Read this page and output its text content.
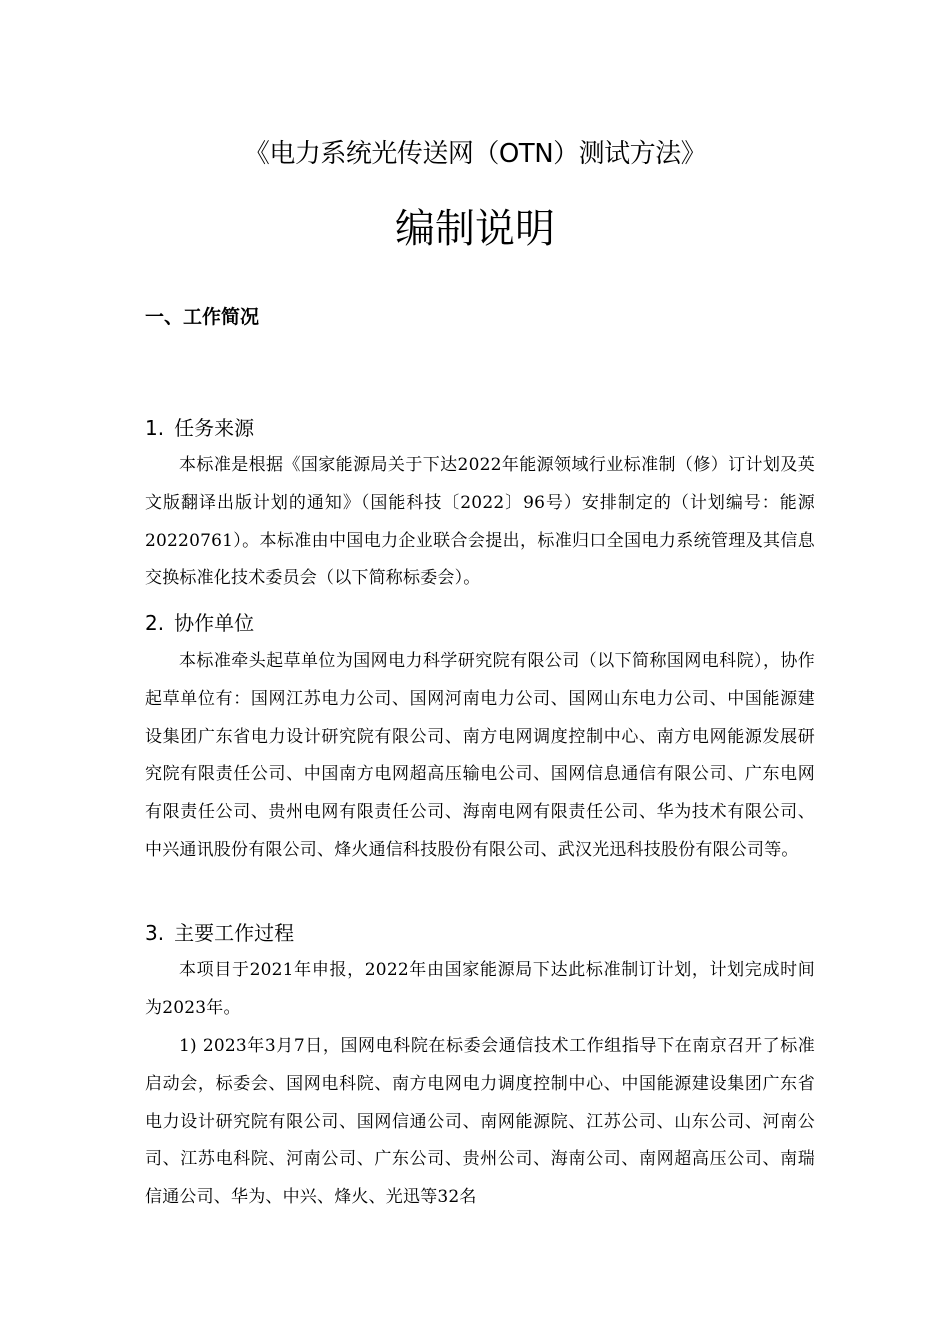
《电力系统光传送网（OTN）测试方法》
编制说明
一、工作简况
1. 任务来源

本标准是根据《国家能源局关于下达2022年能源领域行业标准制（修）订计划及英文版翻译出版计划的通知》（国能科技〔2022〕96号）安排制定的（计划编号：能源20220761）。本标准由中国电力企业联合会提出，标准归口全国电力系统管理及其信息交换标准化技术委员会（以下简称标委会）。

2. 协作单位

本标准牵头起草单位为国网电力科学研究院有限公司（以下简称国网电科院），协作起草单位有：国网江苏电力公司、国网河南电力公司、国网山东电力公司、中国能源建设集团广东省电力设计研究院有限公司、南方电网调度控制中心、南方电网能源发展研究院有限责任公司、中国南方电网超高压输电公司、国网信息通信有限公司、广东电网有限责任公司、贵州电网有限责任公司、海南电网有限责任公司、华为技术有限公司、中兴通讯股份有限公司、烽火通信科技股份有限公司、武汉光迅科技股份有限公司等。

3. 主要工作过程

本项目于2021年申报，2022年由国家能源局下达此标准制订计划，计划完成时间为2023年。

1) 2023年3月7日，国网电科院在标委会通信技术工作组指导下在南京召开了标准启动会，标委会、国网电科院、南方电网电力调度控制中心、中国能源建设集团广东省电力设计研究院有限公司、国网信通公司、南网能源院、江苏公司、山东公司、河南公司、江苏电科院、河南公司、广东公司、贵州公司、海南公司、南网超高压公司、南瑞信通公司、华为、中兴、烽火、光迅等32名
